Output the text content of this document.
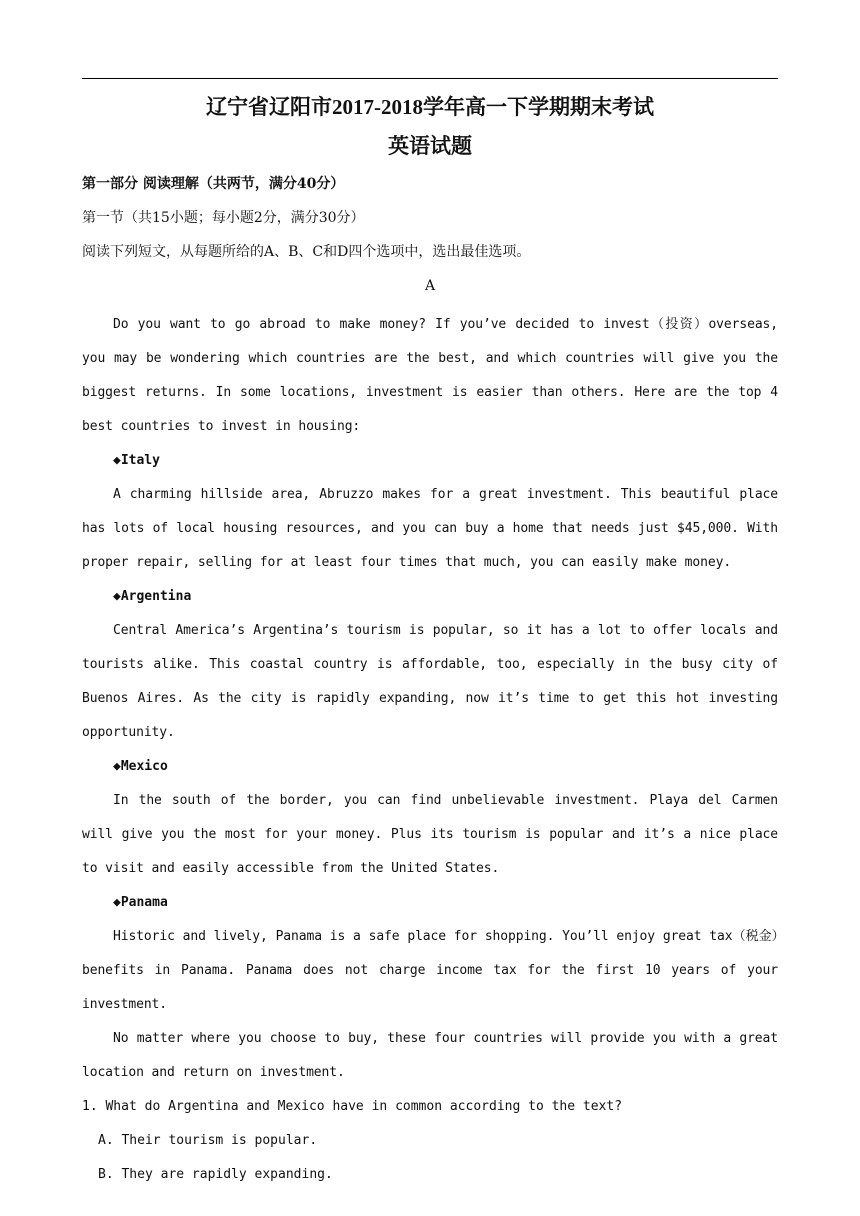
辽宁省辽阳市2017-2018学年高一下学期期末考试
英语试题

第一部分 阅读理解（共两节，满分40分）

第一节（共15小题；每小题2分，满分30分）

阅读下列短文，从每题所给的A、B、C和D四个选项中，选出最佳选项。

A

Do you want to go abroad to make money? If you’ve decided to invest（投资）overseas, you may be wondering which countries are the best, and which countries will give you the biggest returns. In some locations, investment is easier than others. Here are the top 4 best countries to invest in housing:

◆Italy

A charming hillside area, Abruzzo makes for a great investment. This beautiful place has lots of local housing resources, and you can buy a home that needs just $45,000. With proper repair, selling for at least four times that much, you can easily make money.

◆Argentina

Central America’s Argentina’s tourism is popular, so it has a lot to offer locals and tourists alike. This coastal country is affordable, too, especially in the busy city of Buenos Aires. As the city is rapidly expanding, now it’s time to get this hot investing opportunity.

◆Mexico

In the south of the border, you can find unbelievable investment. Playa del Carmen will give you the most for your money. Plus its tourism is popular and it’s a nice place to visit and easily accessible from the United States.

◆Panama

Historic and lively, Panama is a safe place for shopping. You’ll enjoy great tax（税金）benefits in Panama. Panama does not charge income tax for the first 10 years of your investment.

No matter where you choose to buy, these four countries will provide you with a great location and return on investment.

1. What do Argentina and Mexico have in common according to the text?

A. Their tourism is popular.

B. They are rapidly expanding.
